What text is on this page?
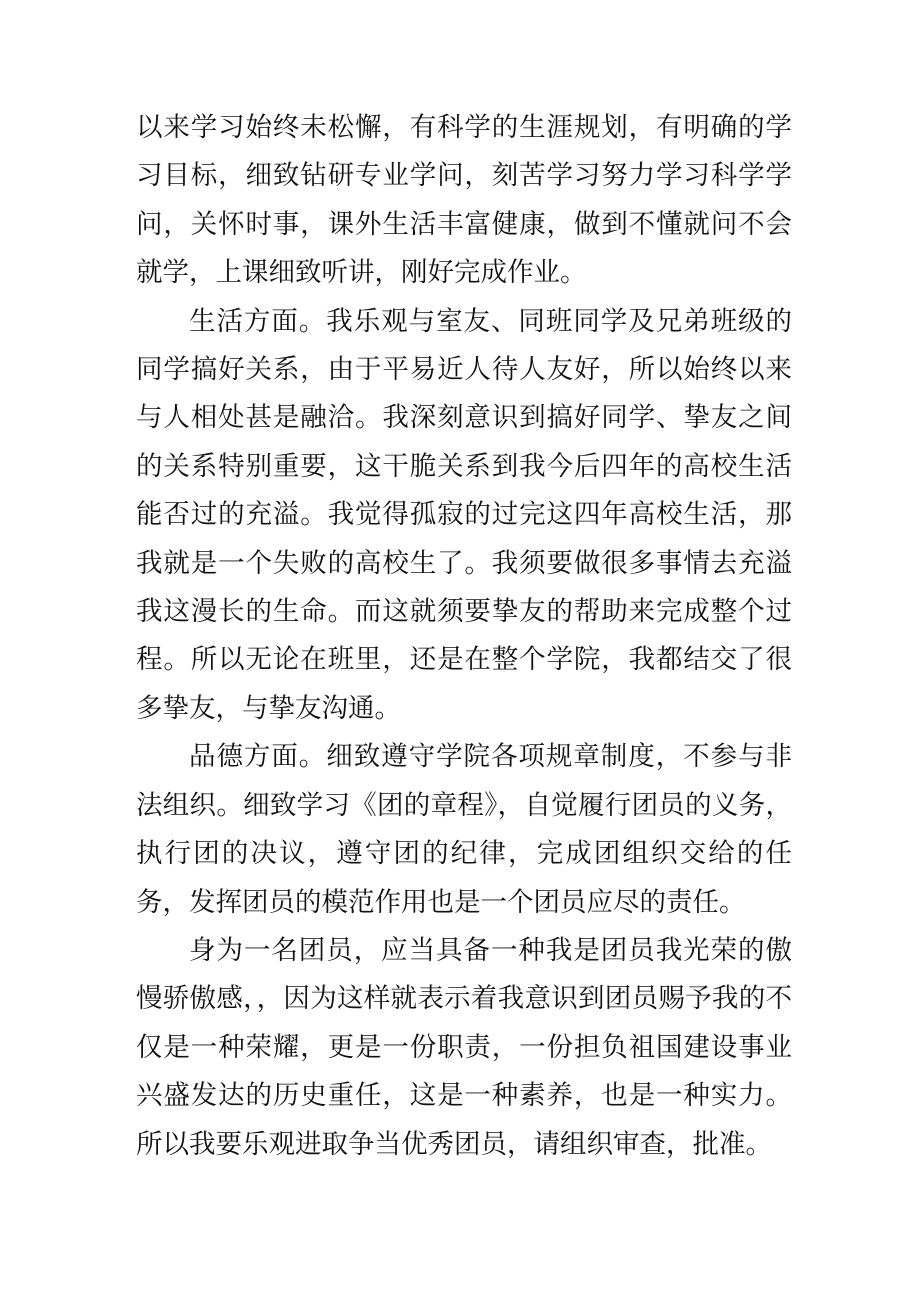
以来学习始终未松懈，有科学的生涯规划，有明确的学习目标，细致钻研专业学问，刻苦学习努力学习科学学问，关怀时事，课外生活丰富健康，做到不懂就问不会就学，上课细致听讲，刚好完成作业。

生活方面。我乐观与室友、同班同学及兄弟班级的同学搞好关系，由于平易近人待人友好，所以始终以来与人相处甚是融洽。我深刻意识到搞好同学、挚友之间的关系特别重要，这干脆关系到我今后四年的高校生活能否过的充溢。我觉得孤寂的过完这四年高校生活，那我就是一个失败的高校生了。我须要做很多事情去充溢我这漫长的生命。而这就须要挚友的帮助来完成整个过程。所以无论在班里，还是在整个学院，我都结交了很多挚友，与挚友沟通。

品德方面。细致遵守学院各项规章制度，不参与非法组织。细致学习《团的章程》，自觉履行团员的义务，执行团的决议，遵守团的纪律，完成团组织交给的任务，发挥团员的模范作用也是一个团员应尽的责任。

身为一名团员，应当具备一种我是团员我光荣的傲慢骄傲感，，因为这样就表示着我意识到团员赐予我的不仅是一种荣耀，更是一份职责，一份担负祖国建设事业兴盛发达的历史重任，这是一种素养，也是一种实力。所以我要乐观进取争当优秀团员，请组织审查，批准。
